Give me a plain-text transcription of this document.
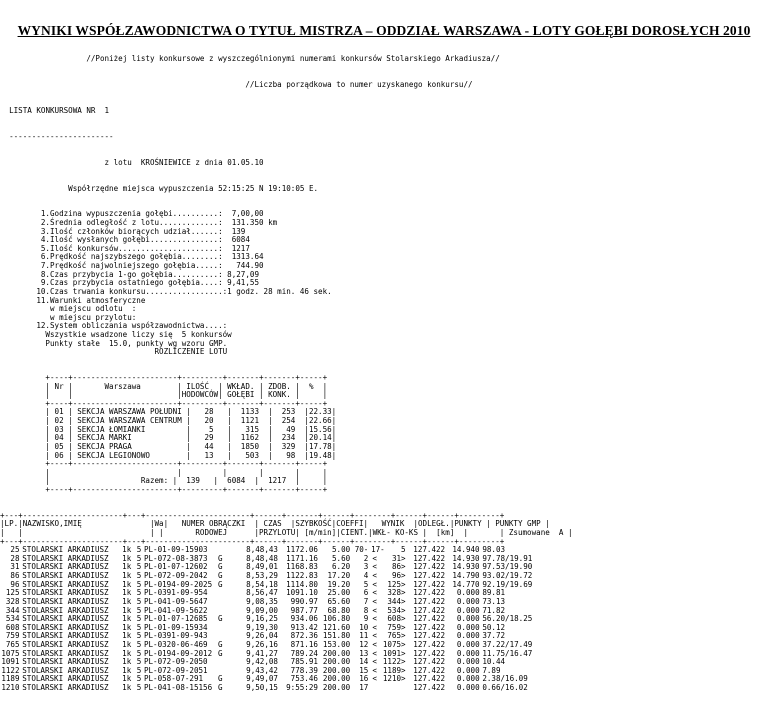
WYNIKI WSPÓŁZAWODNICTWA O TYTUŁ MISTRZA – ODDZIAŁ WARSZAWA - LOTY GOŁĘBI DOROSŁYCH 2010

//Poniżej listy konkursowe z wyszczególnionymi numerami konkursów Stolarskiego Arkadiusza//

//Liczba porządkowa to numer uzyskanego konkursu//

LISTA KONKURSOWA NR  1

-----------------------

z lotu  KROŚNIEWICE z dnia 01.05.10

Współrzędne miejsca wypuszczenia 52:15:25 N 19:10:05 E.

1.Godzina wypuszczenia gołębi..........:  7,00,00
2.Średnia odległość z lotu.............:  131.350 km
3.Ilość członków biorących udział......:  139
4.Ilość wysłanych gołębi...............:  6084
5.Ilość konkursów......................:  1217
6.Prędkość najszybszego gołębia........:  1313.64
7.Prędkość najwolniejszego gołębia.....:   744.90
8.Czas przybycia 1-go gołębia..........: 8,27,09
9.Czas przybycia ostatniego gołębia....: 9,41,55
10.Czas trwania konkursu.................:1 godz. 28 min. 46 sek.
11.Warunki atmosferyczne
w miejscu odlotu  :
w miejscu przylotu:
12.System obliczania współzawodnictwa....:
Wszystkie wsadzone liczy się  5 konkursów
Punkty stałe  15.0, punkty wg wzoru GMP.
ROZLICZENIE LOTU

+----+-----------------------+---------+-------+-------+-----+
| Nr |       Warszawa        | ILOŚĆ  | WKŁAD. | ZDOB. |  %  |
|    |                       |HODOWCÓW| GOŁĘBI | KONK. |     |
+----+-----------------------+---------+-------+-------+-----+
| 01 | SEKCJA WARSZAWA POŁUDNI |   28   |  1133  |  253  |22.33|
| 02 | SEKCJA WARSZAWA CENTRUM |   20   |  1121  |  254  |22.66|
| 03 | SEKCJA ŁOMIANKI         |    5   |   315  |   49  |15.56|
| 04 | SEKCJA MARKI            |   29   |  1162  |  234  |20.14|
| 05 | SEKCJA PRAGA            |   44   |  1850  |  329  |17.78|
| 06 | SEKCJA LEGIONOWO        |   13   |   503  |   98  |19.48|
+----+-----------------------+---------+-------+-------+-----+
|                            |         |       |       |     |
|                    Razem: |  139   |  6084  |  1217  |     |
+----+-----------------------+---------+-------+-------+-----+

+---+----------------------+---+-----------------------+------+-------+------+--------+------+------+---------+
|LP.|NAZWISKO,IMIĘ               |Wa|   NUMER OBRĄCZKI  | CZAS  |SZYBKOŚĆ|COEFFI|   WYNIK  |ODLEGŁ.|PUNKTY | PUNKTY GMP |
|   |                            | |       RODOWEJ      |PRZYLOTU| [m/min]|CIENT.|WKŁ- KO-KS |  [km]  |       | Zsumowane  A |
+---+----------------------+---+-----------------------+------+-------+------+--------+------+------+---------+
25 STOLARSKI ARKADIUSZ 1k 5 PL-01-09-15903	8,48,43 1172.06 5.00 70- 17- 5 127.422 14.940 98.03
28 STOLARSKI ARKADIUSZ 1k 5 PL-072-08-3873 G	8,48,48 1171.16 5.60 2 < 31> 127.422 14.930 97.78/19.91
31 STOLARSKI ARKADIUSZ 1k 5 PL-01-07-12602 G	8,49,01 1168.83 6.20 3 < 86> 127.422 14.930 97.53/19.90
86 STOLARSKI ARKADIUSZ 1k 5 PL-072-09-2042 G	8,53,29 1122.83 17.20 4 < 96> 127.422 14.790 93.02/19.72
96 STOLARSKI ARKADIUSZ 1k 5 PL-0194-09-2025 G	8,54,18 1114.80 19.20 5 < 125> 127.422 14.770 92.19/19.69
125 STOLARSKI ARKADIUSZ 1k 5 PL-0391-09-954	8,56,47 1091.10 25.00 6 < 328> 127.422 0.000 89.81
328 STOLARSKI ARKADIUSZ 1k 5 PL-041-09-5647	9,08,35 990.97 65.60 7 < 344> 127.422 0.000 73.13
344 STOLARSKI ARKADIUSZ 1k 5 PL-041-09-5622	9,09,00 987.77 68.80 8 < 534> 127.422 0.000 71.82
534 STOLARSKI ARKADIUSZ 1k 5 PL-01-07-12685 G	9,16,25 934.06 106.80 9 < 608> 127.422 0.000 56.20/18.25
608 STOLARSKI ARKADIUSZ 1k 5 PL-01-09-15934	9,19,30 913.42 121.60 10 < 759> 127.422 0.000 50.12
759 STOLARSKI ARKADIUSZ 1k 5 PL-0391-09-943	9,26,04 872.36 151.80 11 < 765> 127.422 0.000 37.72
765 STOLARSKI ARKADIUSZ 1k 5 PL-0320-06-469 G	9,26,16 871.16 153.00 12 < 1075> 127.422 0.000 37.22/17.49
1075 STOLARSKI ARKADIUSZ 1k 5 PL-0194-09-2012 G	9,41,27 789.24 200.00 13 < 1091> 127.422 0.000 11.75/16.47
1091 STOLARSKI ARKADIUSZ 1k 5 PL-072-09-2050	9,42,08 785.91 200.00 14 < 1122> 127.422 0.000 10.44
1122 STOLARSKI ARKADIUSZ 1k 5 PL-072-09-2051	9,43,42 778.39 200.00 15 < 1189> 127.422 0.000 7.89
1189 STOLARSKI ARKADIUSZ 1k 5 PL-058-07-291 G	9,49,07 753.46 200.00 16 < 1210> 127.422 0.000 2.38/16.09
1210 STOLARSKI ARKADIUSZ 1k 5 PL-041-08-15156 G	9,50,15 9:55:29 200.00 17	127.422 0.000 0.66/16.02
